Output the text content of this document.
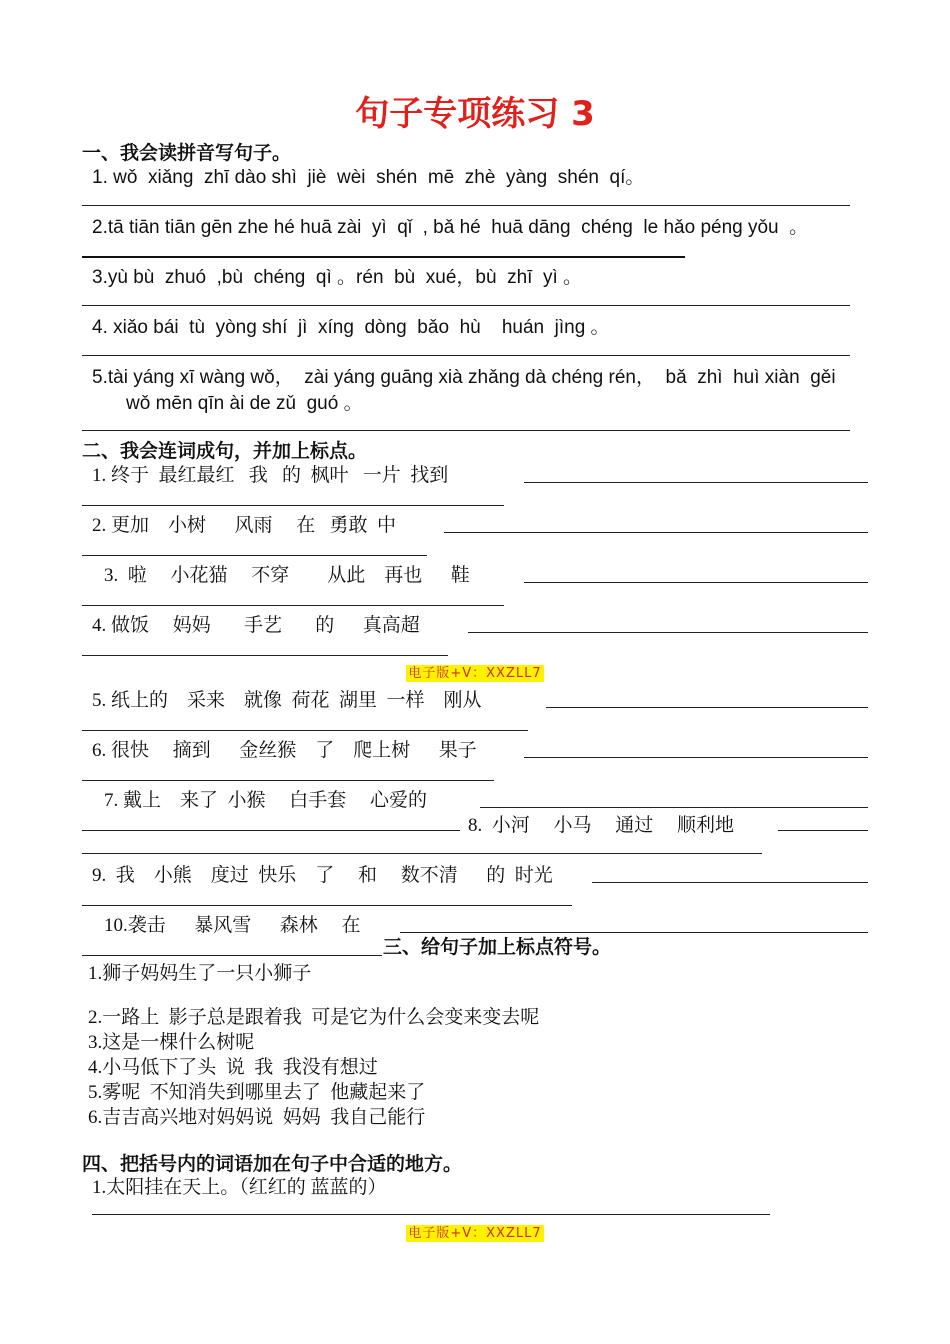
句子专项练习 3
一、我会读拼音写句子。
1. wǒ  xiǎng  zhī dào shì  jiè  wèi  shén  mē  zhè  yàng  shén  qí。
2.tā tiān tiān gēn zhe hé huā zài  yì  qǐ  , bǎ hé  huā dāng  chéng  le hǎo péng yǒu  。
3.yù bù  zhuó  ,bù  chéng  qì 。rén  bù  xué，bù  zhī  yì 。
4. xiǎo bái  tù  yòng shí  jì  xíng  dòng  bǎo  hù    huán  jìng 。
5.tài yáng xī wàng wǒ，  zài yáng guāng xià zhǎng dà chéng rén，  bǎ  zhì  huì xiàn  gěi
wǒ mēn qīn ài de zǔ  guó 。
二、我会连词成句，并加上标点。
1. 终于  最红最红   我   的  枫叶   一片  找到
2. 更加    小树      风雨     在   勇敢  中
3.  啦     小花猫     不穿        从此    再也      鞋
4. 做饭     妈妈       手艺       的      真高超
电子版+V：XXZLL7
5. 纸上的    采来    就像  荷花  湖里  一样    刚从
6. 很快     摘到      金丝猴    了    爬上树      果子
7. 戴上    来了  小猴     白手套     心爱的
8.  小河     小马     通过     顺利地
9.  我    小熊    度过  快乐    了     和     数不清      的  时光
10.袭击      暴风雪      森林     在
三、给句子加上标点符号。
1.狮子妈妈生了一只小狮子
2.一路上  影子总是跟着我  可是它为什么会变来变去呢
3.这是一棵什么树呢
4.小马低下了头  说  我  我没有想过
5.雾呢  不知消失到哪里去了  他藏起来了
6.吉吉高兴地对妈妈说  妈妈  我自己能行
四、把括号内的词语加在句子中合适的地方。
1.太阳挂在天上。（红红的 蓝蓝的）
电子版+V：XXZLL7
